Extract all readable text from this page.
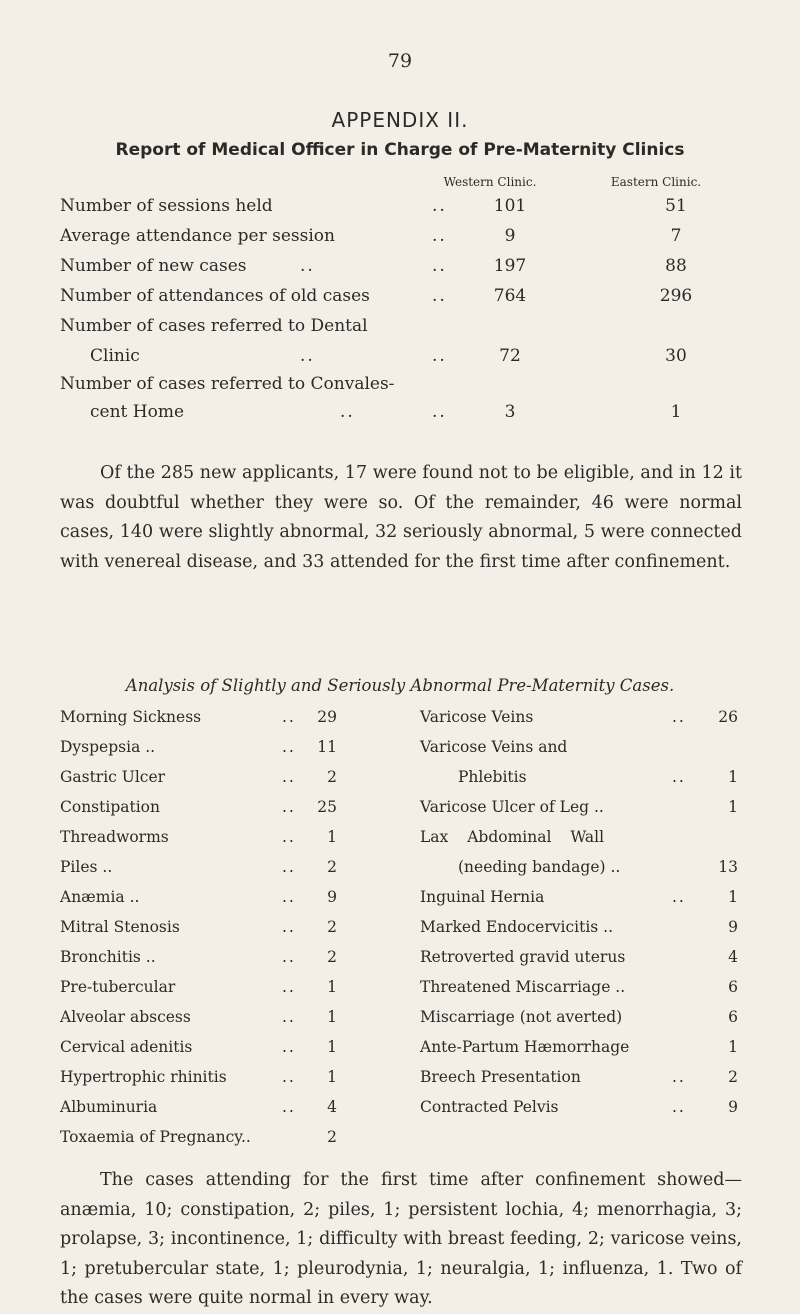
79
APPENDIX II.
Report of Medical Officer in Charge of Pre-Maternity Clinics
Western Clinic.	Eastern Clinic.
Number of sessions held	..	101	51
Average attendance per session	..	9	7
Number of new cases	..	..	197	88
Number of attendances of old cases	..	764	296
Number of cases referred to Dental
Clinic	..	..	72	30
Number of cases referred to Convales-
cent Home	..	..	3	1

Of the 285 new applicants, 17 were found not to be eligible, and in 12 it was doubtful whether they were so. Of the remainder, 46 were normal cases, 140 were slightly abnormal, 32 seriously abnormal, 5 were connected with venereal disease, and 33 attended for the first time after confinement.

Analysis of Slightly and Seriously Abnormal Pre-Maternity Cases.
Morning Sickness	..	29
Dyspepsia ..	..	11
Gastric Ulcer	..	2
Constipation	..	25
Threadworms	..	1
Piles ..	..	2
Anæmia ..	..	9
Mitral Stenosis	..	2
Bronchitis ..	..	2
Pre-tubercular	..	1
Alveolar abscess	..	1
Cervical adenitis	..	1
Hypertrophic rhinitis	..	1
Albuminuria	..	4
Toxaemia of Pregnancy..	2
Varicose Veins	..	26
Varicose Veins and
Phlebitis	..	1
Varicose Ulcer of Leg ..	1
Lax Abdominal Wall
(needing bandage) ..	13
Inguinal Hernia	..	1
Marked Endocervicitis ..	9
Retroverted gravid uterus	4
Threatened Miscarriage ..	6
Miscarriage (not averted)	6
Ante-Partum Hæmorrhage	1
Breech Presentation	..	2
Contracted Pelvis	..	9

The cases attending for the first time after confinement showed—anæmia, 10; constipation, 2; piles, 1; persistent lochia, 4; menorrhagia, 3; prolapse, 3; incontinence, 1; difficulty with breast feeding, 2; varicose veins, 1; pretubercular state, 1; pleurodynia, 1; neuralgia, 1; influenza, 1. Two of the cases were quite normal in every way.
